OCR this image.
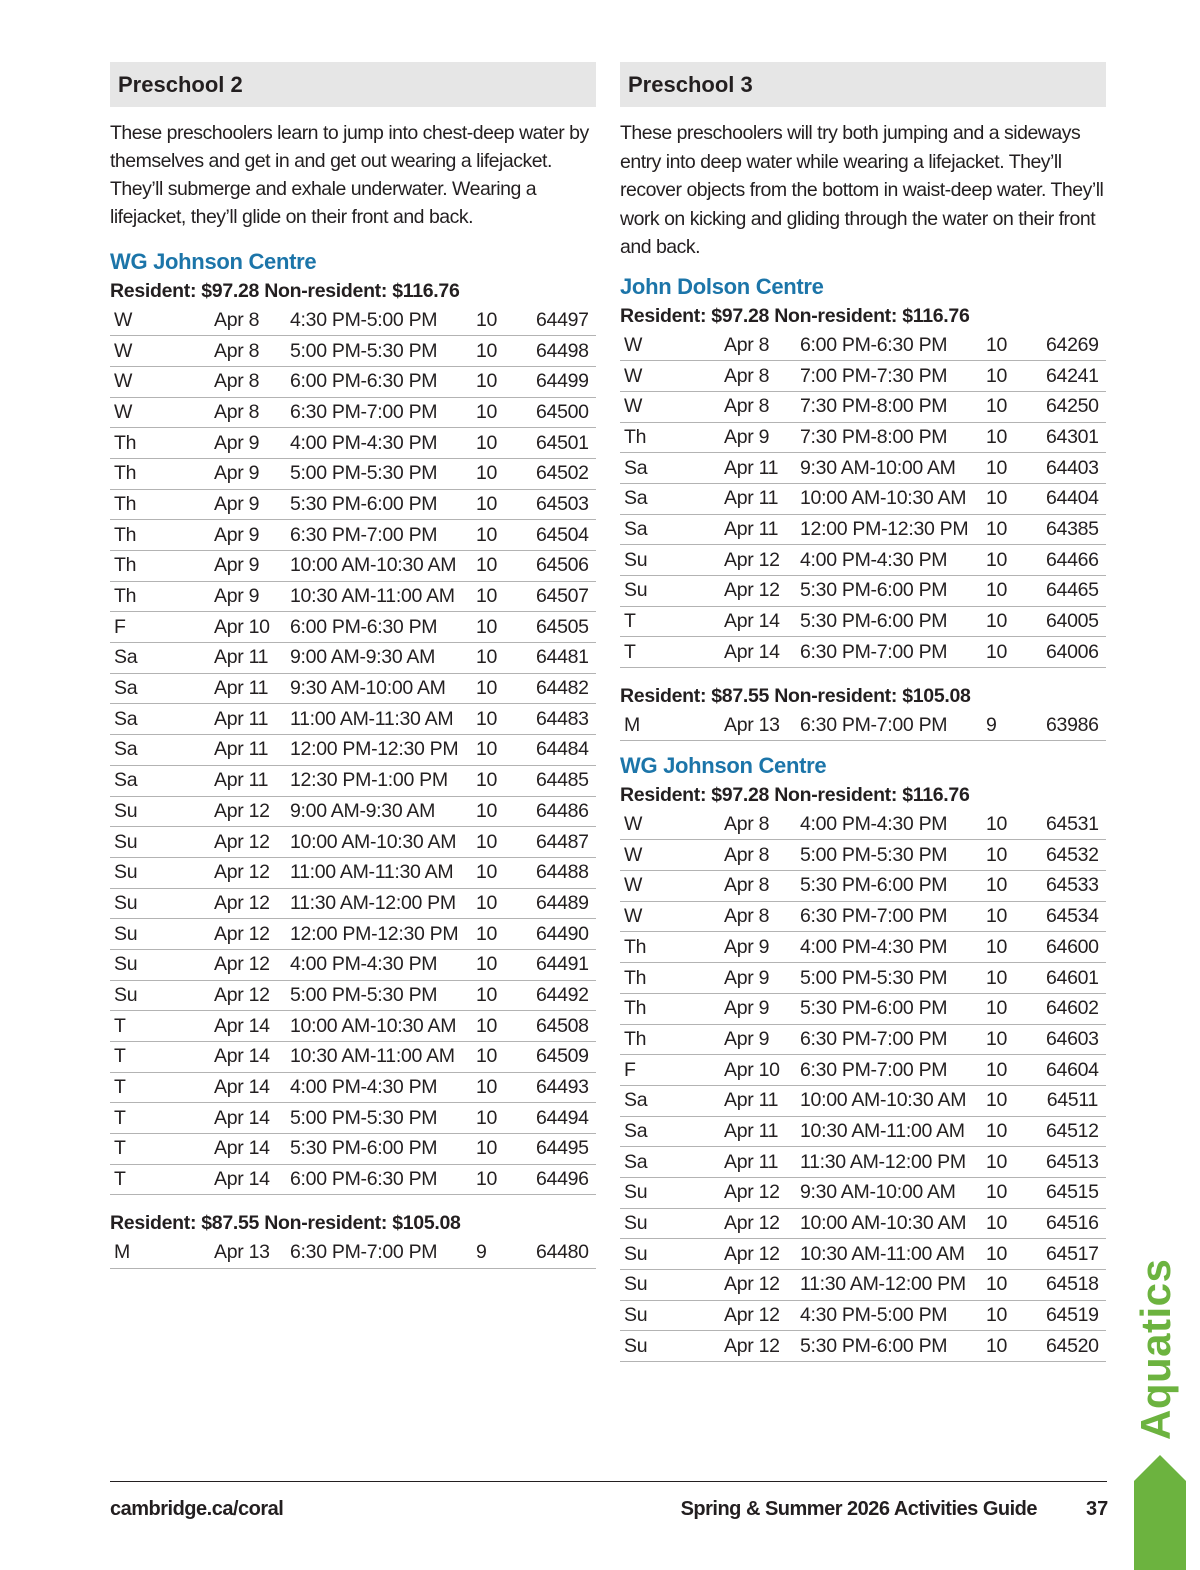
Preschool 2
These preschoolers learn to jump into chest-deep water by themselves and get in and get out wearing a lifejacket. They’ll submerge and exhale underwater. Wearing a lifejacket, they’ll glide on their front and back.
WG Johnson Centre
Resident: $97.28 Non-resident: $116.76
W	Apr 8	4:30 PM-5:00 PM	10	64497
W	Apr 8	5:00 PM-5:30 PM	10	64498
W	Apr 8	6:00 PM-6:30 PM	10	64499
W	Apr 8	6:30 PM-7:00 PM	10	64500
Th	Apr 9	4:00 PM-4:30 PM	10	64501
Th	Apr 9	5:00 PM-5:30 PM	10	64502
Th	Apr 9	5:30 PM-6:00 PM	10	64503
Th	Apr 9	6:30 PM-7:00 PM	10	64504
Th	Apr 9	10:00 AM-10:30 AM	10	64506
Th	Apr 9	10:30 AM-11:00 AM	10	64507
F	Apr 10	6:00 PM-6:30 PM	10	64505
Sa	Apr 11	9:00 AM-9:30 AM	10	64481
Sa	Apr 11	9:30 AM-10:00 AM	10	64482
Sa	Apr 11	11:00 AM-11:30 AM	10	64483
Sa	Apr 11	12:00 PM-12:30 PM	10	64484
Sa	Apr 11	12:30 PM-1:00 PM	10	64485
Su	Apr 12	9:00 AM-9:30 AM	10	64486
Su	Apr 12	10:00 AM-10:30 AM	10	64487
Su	Apr 12	11:00 AM-11:30 AM	10	64488
Su	Apr 12	11:30 AM-12:00 PM	10	64489
Su	Apr 12	12:00 PM-12:30 PM	10	64490
Su	Apr 12	4:00 PM-4:30 PM	10	64491
Su	Apr 12	5:00 PM-5:30 PM	10	64492
T	Apr 14	10:00 AM-10:30 AM	10	64508
T	Apr 14	10:30 AM-11:00 AM	10	64509
T	Apr 14	4:00 PM-4:30 PM	10	64493
T	Apr 14	5:00 PM-5:30 PM	10	64494
T	Apr 14	5:30 PM-6:00 PM	10	64495
T	Apr 14	6:00 PM-6:30 PM	10	64496
Resident: $87.55 Non-resident: $105.08
M	Apr 13	6:30 PM-7:00 PM	9	64480
Preschool 3
These preschoolers will try both jumping and a sideways entry into deep water while wearing a lifejacket. They’ll recover objects from the bottom in waist-deep water. They’ll work on kicking and gliding through the water on their front and back.
John Dolson Centre
Resident: $97.28 Non-resident: $116.76
W	Apr 8	6:00 PM-6:30 PM	10	64269
W	Apr 8	7:00 PM-7:30 PM	10	64241
W	Apr 8	7:30 PM-8:00 PM	10	64250
Th	Apr 9	7:30 PM-8:00 PM	10	64301
Sa	Apr 11	9:30 AM-10:00 AM	10	64403
Sa	Apr 11	10:00 AM-10:30 AM	10	64404
Sa	Apr 11	12:00 PM-12:30 PM	10	64385
Su	Apr 12	4:00 PM-4:30 PM	10	64466
Su	Apr 12	5:30 PM-6:00 PM	10	64465
T	Apr 14	5:30 PM-6:00 PM	10	64005
T	Apr 14	6:30 PM-7:00 PM	10	64006
Resident: $87.55 Non-resident: $105.08
M	Apr 13	6:30 PM-7:00 PM	9	63986
WG Johnson Centre
Resident: $97.28 Non-resident: $116.76
W	Apr 8	4:00 PM-4:30 PM	10	64531
W	Apr 8	5:00 PM-5:30 PM	10	64532
W	Apr 8	5:30 PM-6:00 PM	10	64533
W	Apr 8	6:30 PM-7:00 PM	10	64534
Th	Apr 9	4:00 PM-4:30 PM	10	64600
Th	Apr 9	5:00 PM-5:30 PM	10	64601
Th	Apr 9	5:30 PM-6:00 PM	10	64602
Th	Apr 9	6:30 PM-7:00 PM	10	64603
F	Apr 10	6:30 PM-7:00 PM	10	64604
Sa	Apr 11	10:00 AM-10:30 AM	10	64511
Sa	Apr 11	10:30 AM-11:00 AM	10	64512
Sa	Apr 11	11:30 AM-12:00 PM	10	64513
Su	Apr 12	9:30 AM-10:00 AM	10	64515
Su	Apr 12	10:00 AM-10:30 AM	10	64516
Su	Apr 12	10:30 AM-11:00 AM	10	64517
Su	Apr 12	11:30 AM-12:00 PM	10	64518
Su	Apr 12	4:30 PM-5:00 PM	10	64519
Su	Apr 12	5:30 PM-6:00 PM	10	64520
cambridge.ca/coral	Spring & Summer 2026 Activities Guide 37
Aquatics
